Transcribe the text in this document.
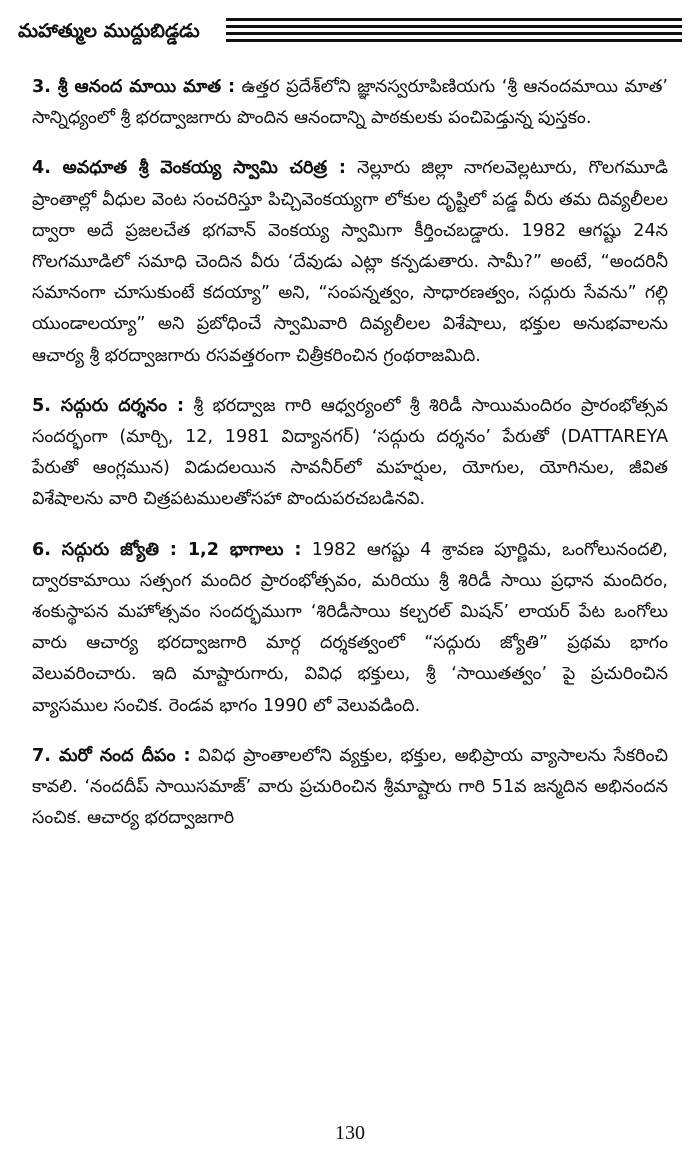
మహాత్ముల ముద్దుబిడ్డడు

3. శ్రీ ఆనంద మాయి మాత : ఉత్తర ప్రదేశ్‌లోని జ్ఞానస్వరూపిణియగు ‘శ్రీ ఆనందమాయి మాత’ సాన్నిధ్యంలో శ్రీ భరద్వాజగారు పొందిన ఆనందాన్ని పాఠకులకు పంచిపెడ్తున్న పుస్తకం.

4. అవధూత శ్రీ వెంకయ్య స్వామి చరిత్ర : నెల్లూరు జిల్లా నాగలవెల్లటూరు, గొలగమూడి ప్రాంతాల్లో వీధుల వెంట సంచరిస్తూ పిచ్చివెంకయ్యగా లోకుల దృష్టిలో పడ్డ వీరు తమ దివ్యలీలల ద్వారా అదే ప్రజలచేత భగవాన్ వెంకయ్య స్వామిగా కీర్తించబడ్డారు. 1982 ఆగష్టు 24న గొలగమూడిలో సమాధి చెందిన వీరు ‘దేవుడు ఎట్లా కన్పడుతారు. సామీ?” అంటే, “అందరినీ సమానంగా చూసుకుంటే కదయ్యా” అని, “సంపన్నత్వం, సాధారణత్వం, సద్గురు సేవను” గల్గి యుండాలయ్యా” అని ప్రబోధించే స్వామివారి దివ్యలీలల విశేషాలు, భక్తుల అనుభవాలను ఆచార్య శ్రీ భరద్వాజగారు రసవత్తరంగా చిత్రీకరించిన గ్రంథరాజమిది.

5. సద్గురు దర్శనం : శ్రీ భరద్వాజ గారి ఆధ్వర్యంలో శ్రీ శిరిడీ సాయిమందిరం ప్రారంభోత్సవ సందర్భంగా (మార్చి, 12, 1981 విద్యానగర్) ‘సద్గురు దర్శనం’ పేరుతో (DATTAREYA పేరుతో ఆంగ్లమున) విడుదలయిన సావనీర్‌లో మహర్షుల, యోగుల, యోగినుల, జీవిత విశేషాలను వారి చిత్రపటములతోసహా పొందుపరచబడినవి.

6. సద్గురు జ్యోతి : 1,2 భాగాలు : 1982 ఆగష్టు 4 శ్రావణ పూర్ణిమ, ఒంగోలునందలి, ద్వారకామాయి సత్సంగ మందిర ప్రారంభోత్సవం, మరియు శ్రీ శిరిడీ సాయి ప్రధాన మందిరం, శంకుస్థాపన మహోత్సవం సందర్భముగా ‘శిరిడీసాయి కల్చరల్ మిషన్’ లాయర్ పేట ఒంగోలు వారు ఆచార్య భరద్వాజగారి మార్గ దర్శకత్వంలో “సద్గురు జ్యోతి” ప్రథమ భాగం వెలువరించారు. ఇది మాష్టారుగారు, వివిధ భక్తులు, శ్రీ ‘సాయితత్వం’ పై ప్రచురించిన వ్యాసముల సంచిక. రెండవ భాగం 1990 లో వెలువడింది.

7. మరో నంద దీపం : వివిధ ప్రాంతాలలోని వ్యక్తుల, భక్తుల, అభిప్రాయ వ్యాసాలను సేకరించి కావలి. ‘నందదీప్ సాయిసమాజ్’ వారు ప్రచురించిన శ్రీమాష్టారు గారి 51వ జన్మదిన అభినందన సంచిక. ఆచార్య భరద్వాజగారి

130
